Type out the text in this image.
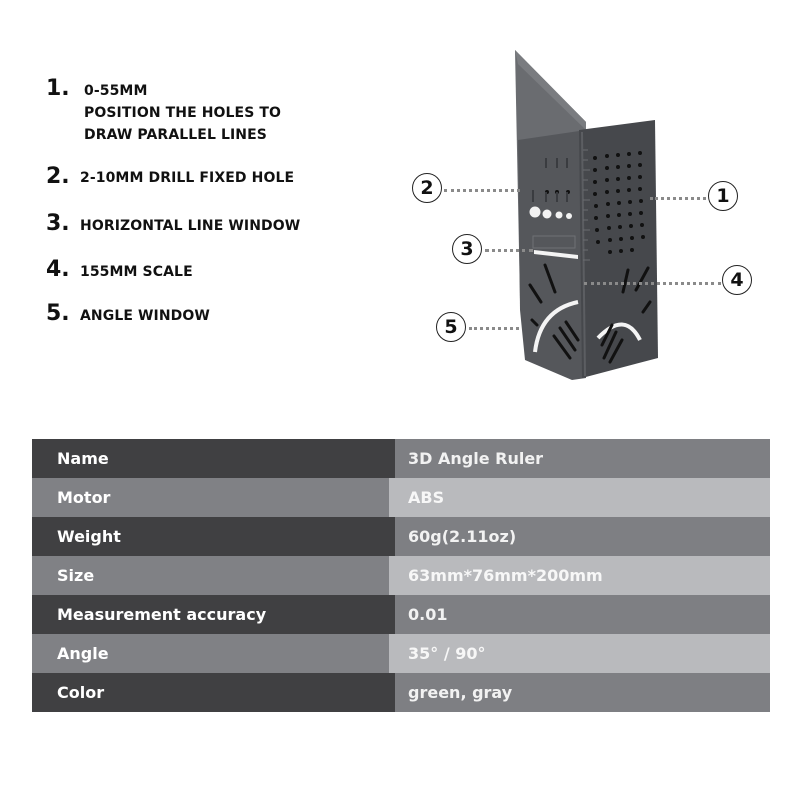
1.	0-55MM
POSITION THE HOLES TO
DRAW PARALLEL LINES
2. 2-10MM DRILL FIXED HOLE
3. HORIZONTAL LINE WINDOW
4. 155MM SCALE
5. ANGLE WINDOW
2
3
5
1
4
Name	3D Angle Ruler
Motor	ABS
Weight	60g(2.11oz)
Size	63mm*76mm*200mm
Measurement accuracy	0.01
Angle	35° / 90°
Color	green, gray
